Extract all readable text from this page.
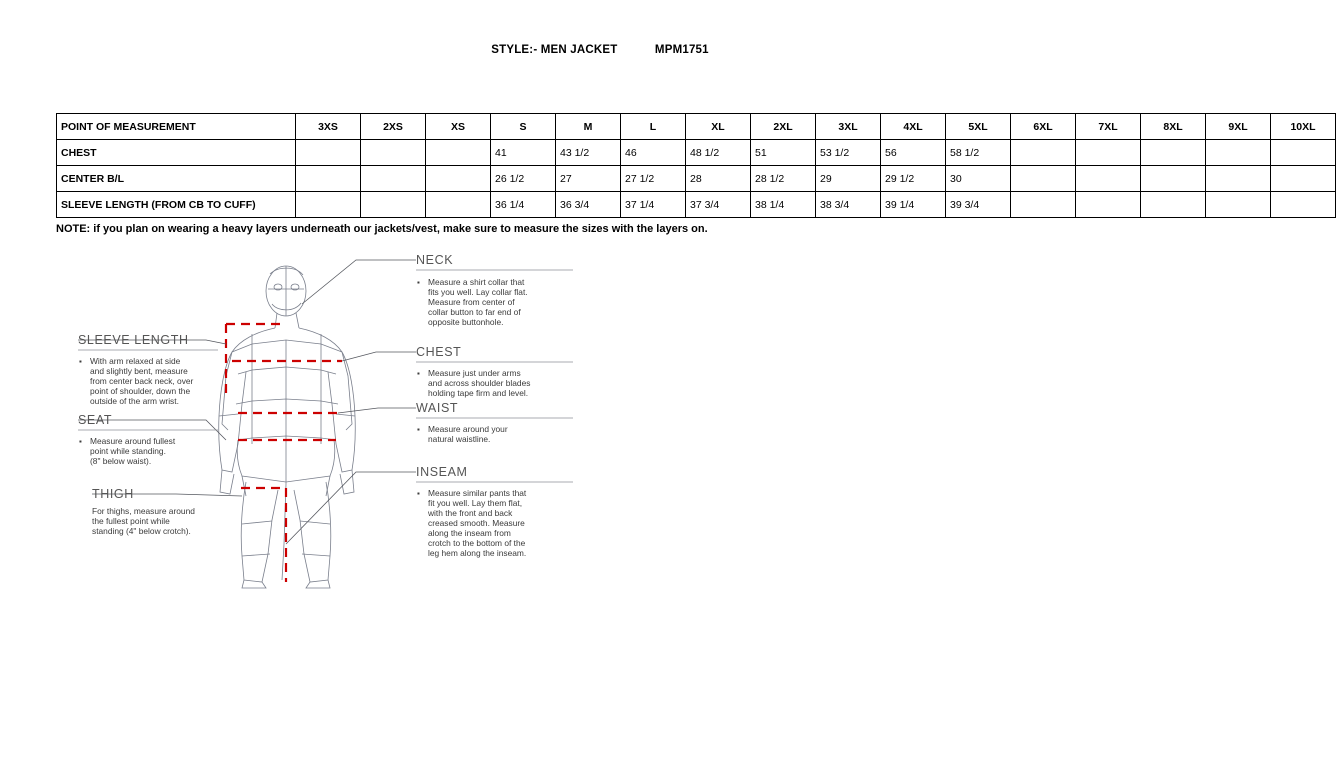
STYLE:- MEN JACKET	MPM1751
POINT OF MEASUREMENT	3XS	2XS	XS	S	M	L	XL	2XL	3XL	4XL	5XL	6XL	7XL	8XL	9XL	10XL
CHEST				41	43 1/2	46	48 1/2	51	53 1/2	56	58 1/2					
CENTER B/L				26 1/2	27	27 1/2	28	28 1/2	29	29 1/2	30					
SLEEVE LENGTH (FROM CB TO CUFF)				36 1/4	36 3/4	37 1/4	37 3/4	38 1/4	38 3/4	39 1/4	39 3/4					
NOTE: if you plan on wearing a heavy layers underneath our jackets/vest, make sure to measure the sizes with the layers on.
NECK
▪ Measure a shirt collar that
fits you well. Lay collar flat.
Measure from center of
collar button to far end of
opposite buttonhole.
CHEST
▪ Measure just under arms
and across shoulder blades
holding tape firm and level.
WAIST
▪ Measure around your
natural waistline.
INSEAM
▪ Measure similar pants that
fit you well. Lay them flat,
with the front and back
creased smooth. Measure
along the inseam from
crotch to the bottom of the
leg hem along the inseam.
SLEEVE LENGTH
▪ With arm relaxed at side
and slightly bent, measure
from center back neck, over
point of shoulder, down the
outside of the arm wrist.
SEAT
▪ Measure around fullest
point while standing.
(8" below waist).
THIGH
For thighs, measure around
the fullest point while
standing (4" below crotch).
